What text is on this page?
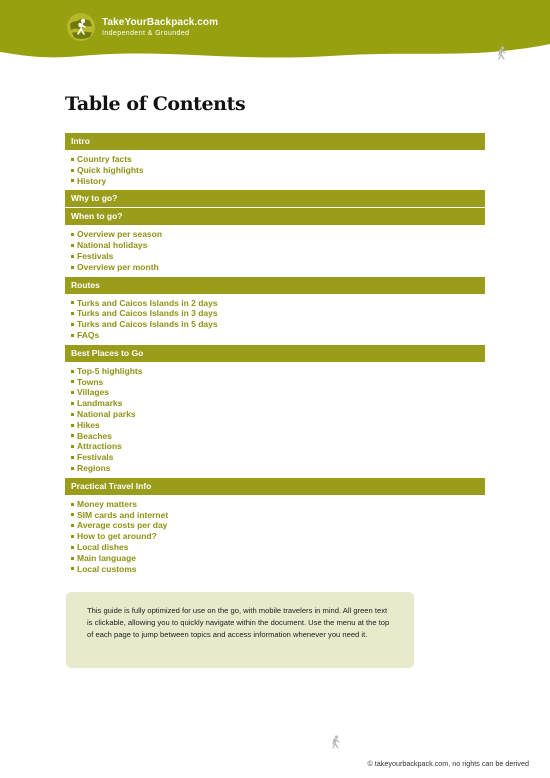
TakeYourBackpack.com
Independent & Grounded
Table of Contents
Intro
Country facts
Quick highlights
History
Why to go?
When to go?
Overview per season
National holidays
Festivals
Overview per month
Routes
Turks and Caicos Islands in 2 days
Turks and Caicos Islands in 3 days
Turks and Caicos Islands in 5 days
FAQs
Best Places to Go
Top-5 highlights
Towns
Villages
Landmarks
National parks
Hikes
Beaches
Attractions
Festivals
Regions
Practical Travel Info
Money matters
SIM cards and internet
Average costs per day
How to get around?
Local dishes
Main language
Local customs
This guide is fully optimized for use on the go, with mobile travelers in mind. All green text is clickable, allowing you to quickly navigate within the document. Use the menu at the top of each page to jump between topics and access information whenever you need it.
© takeyourbackpack.com, no rights can be derived
